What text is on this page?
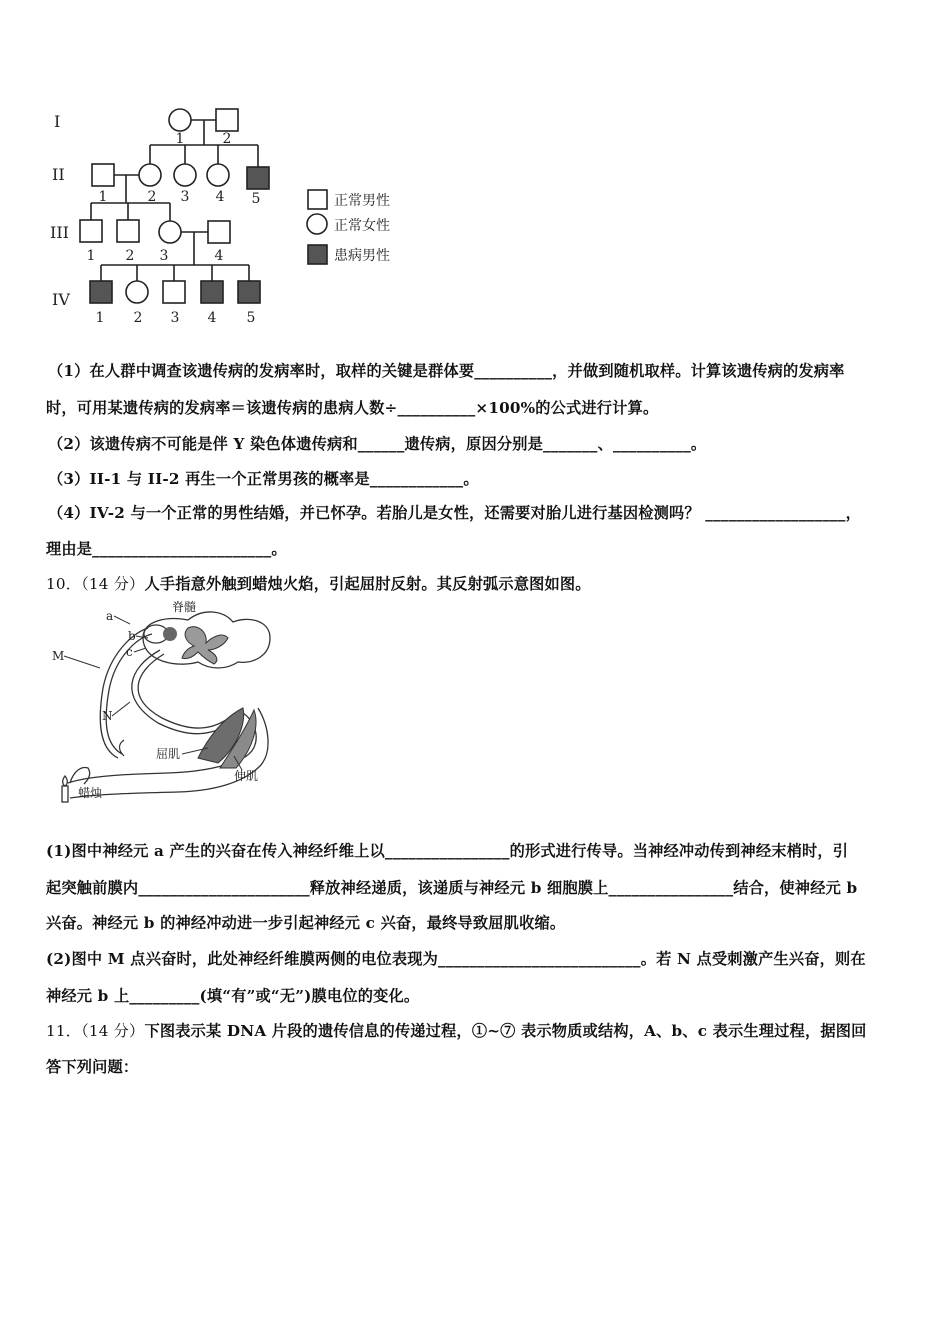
I
II
III
IV
1	2
1	2 3 4 5
1 2 3	4
1 2 3 4 5
正常男性
正常女性
患病男性
（1）在人群中调查该遗传病的发病率时，取样的关键是群体要__________，并做到随机取样。计算该遗传病的发病率
时，可用某遗传病的发病率＝该遗传病的患病人数÷__________×100%的公式进行计算。
（2）该遗传病不可能是伴 Y 染色体遗传病和______遗传病，原因分别是_______、__________。
（3）II-1 与 II-2 再生一个正常男孩的概率是____________。
（4）IV-2 与一个正常的男性结婚，并已怀孕。若胎儿是女性，还需要对胎儿进行基因检测吗？ __________________，
理由是_______________________。
10．（14 分）人手指意外触到蜡烛火焰，引起屈肘反射。其反射弧示意图如图。
脊髓
a
b
c
M
N
屈肌
伸肌
蜡烛
(1)图中神经元 a 产生的兴奋在传入神经纤维上以________________的形式进行传导。当神经冲动传到神经末梢时，引
起突触前膜内______________________释放神经递质，该递质与神经元 b 细胞膜上________________结合，使神经元 b
兴奋。神经元 b 的神经冲动进一步引起神经元 c 兴奋，最终导致屈肌收缩。
(2)图中 M 点兴奋时，此处神经纤维膜两侧的电位表现为__________________________。若 N 点受刺激产生兴奋，则在
神经元 b 上_________(填“有”或“无”)膜电位的变化。
11．（14 分）下图表示某 DNA 片段的遗传信息的传递过程，①~⑦ 表示物质或结构，A、b、c 表示生理过程，据图回
答下列问题：
